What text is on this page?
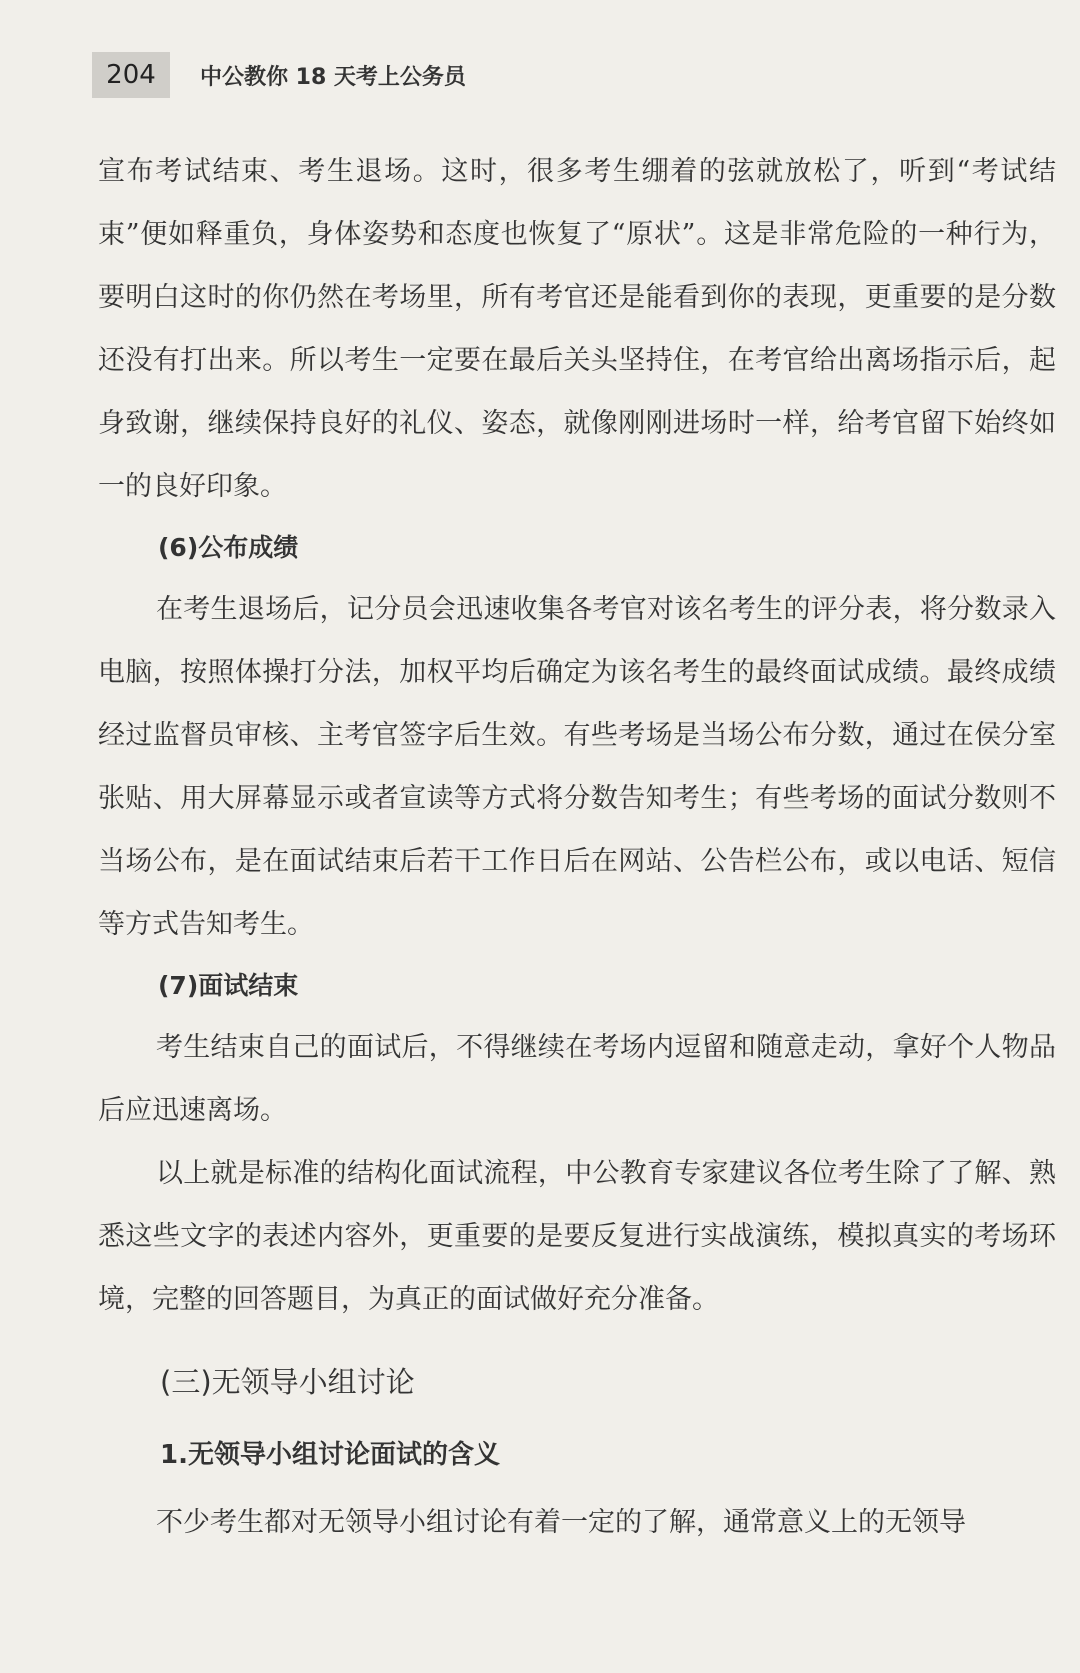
204	中公教你 18 天考上公务员

宣布考试结束、考生退场。这时，很多考生绷着的弦就放松了，听到“考试结束”便如释重负，身体姿势和态度也恢复了“原状”。这是非常危险的一种行为，要明白这时的你仍然在考场里，所有考官还是能看到你的表现，更重要的是分数还没有打出来。所以考生一定要在最后关头坚持住，在考官给出离场指示后，起身致谢，继续保持良好的礼仪、姿态，就像刚刚进场时一样，给考官留下始终如一的良好印象。

(6)公布成绩

在考生退场后，记分员会迅速收集各考官对该名考生的评分表，将分数录入电脑，按照体操打分法，加权平均后确定为该名考生的最终面试成绩。最终成绩经过监督员审核、主考官签字后生效。有些考场是当场公布分数，通过在侯分室张贴、用大屏幕显示或者宣读等方式将分数告知考生；有些考场的面试分数则不当场公布，是在面试结束后若干工作日后在网站、公告栏公布，或以电话、短信等方式告知考生。

(7)面试结束

考生结束自己的面试后，不得继续在考场内逗留和随意走动，拿好个人物品后应迅速离场。

以上就是标准的结构化面试流程，中公教育专家建议各位考生除了了解、熟悉这些文字的表述内容外，更重要的是要反复进行实战演练，模拟真实的考场环境，完整的回答题目，为真正的面试做好充分准备。

(三)无领导小组讨论

1.无领导小组讨论面试的含义

不少考生都对无领导小组讨论有着一定的了解，通常意义上的无领导
